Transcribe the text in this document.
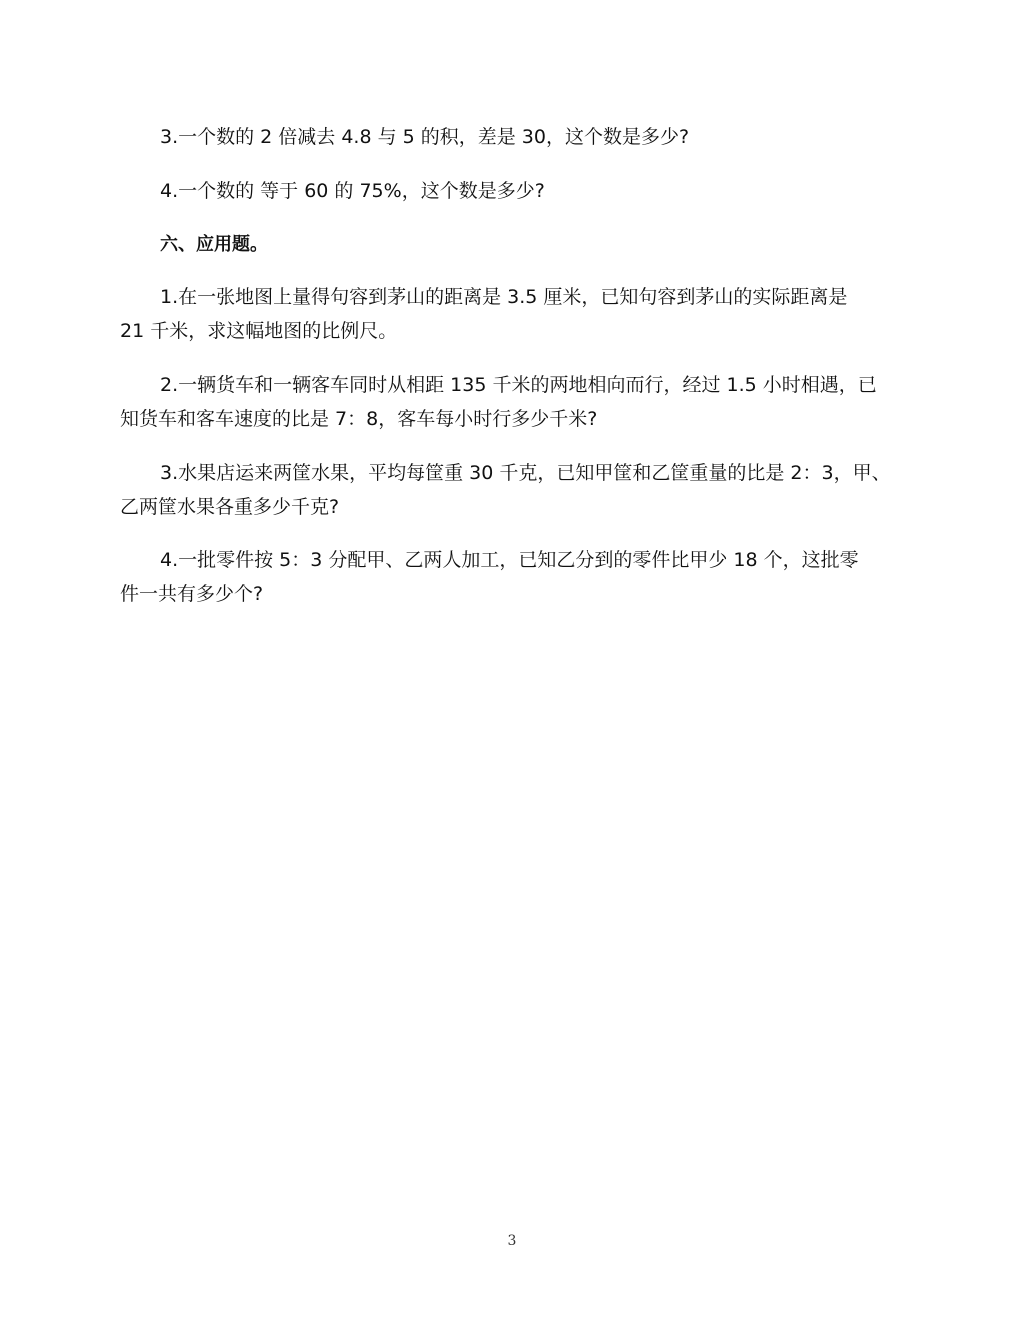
3.一个数的 2 倍减去 4.8 与 5 的积，差是 30，这个数是多少?
4.一个数的 等于 60 的 75%，这个数是多少?
六、应用题。
1.在一张地图上量得句容到茅山的距离是 3.5 厘米，已知句容到茅山的实际距离是
21 千米，求这幅地图的比例尺。
2.一辆货车和一辆客车同时从相距 135 千米的两地相向而行，经过 1.5 小时相遇，已
知货车和客车速度的比是 7：8，客车每小时行多少千米?
3.水果店运来两筐水果，平均每筐重 30 千克，已知甲筐和乙筐重量的比是 2：3，甲、
乙两筐水果各重多少千克?
4.一批零件按 5：3 分配甲、乙两人加工，已知乙分到的零件比甲少 18 个，这批零
件一共有多少个?
3
